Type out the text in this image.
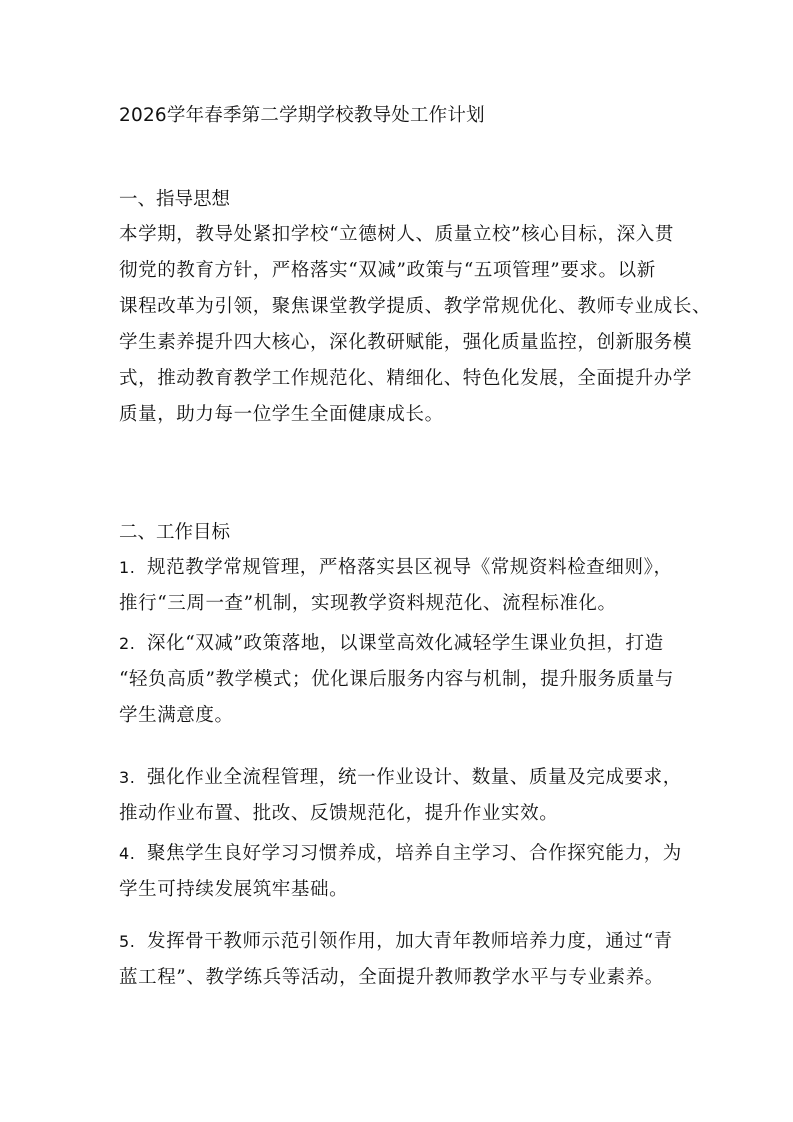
2026学年春季第二学期学校教导处工作计划
一、指导思想
本学期，教导处紧扣学校“立德树人、质量立校”核心目标，深入贯
彻党的教育方针，严格落实“双减”政策与“五项管理”要求。以新
课程改革为引领，聚焦课堂教学提质、教学常规优化、教师专业成长、
学生素养提升四大核心，深化教研赋能，强化质量监控，创新服务模
式，推动教育教学工作规范化、精细化、特色化发展，全面提升办学
质量，助力每一位学生全面健康成长。
二、工作目标
1. 规范教学常规管理，严格落实县区视导《常规资料检查细则》，
推行“三周一查”机制，实现教学资料规范化、流程标准化。
2. 深化“双减”政策落地，以课堂高效化减轻学生课业负担，打造
“轻负高质”教学模式；优化课后服务内容与机制，提升服务质量与
学生满意度。
3. 强化作业全流程管理，统一作业设计、数量、质量及完成要求，
推动作业布置、批改、反馈规范化，提升作业实效。
4. 聚焦学生良好学习习惯养成，培养自主学习、合作探究能力，为
学生可持续发展筑牢基础。
5. 发挥骨干教师示范引领作用，加大青年教师培养力度，通过“青
蓝工程”、教学练兵等活动，全面提升教师教学水平与专业素养。
